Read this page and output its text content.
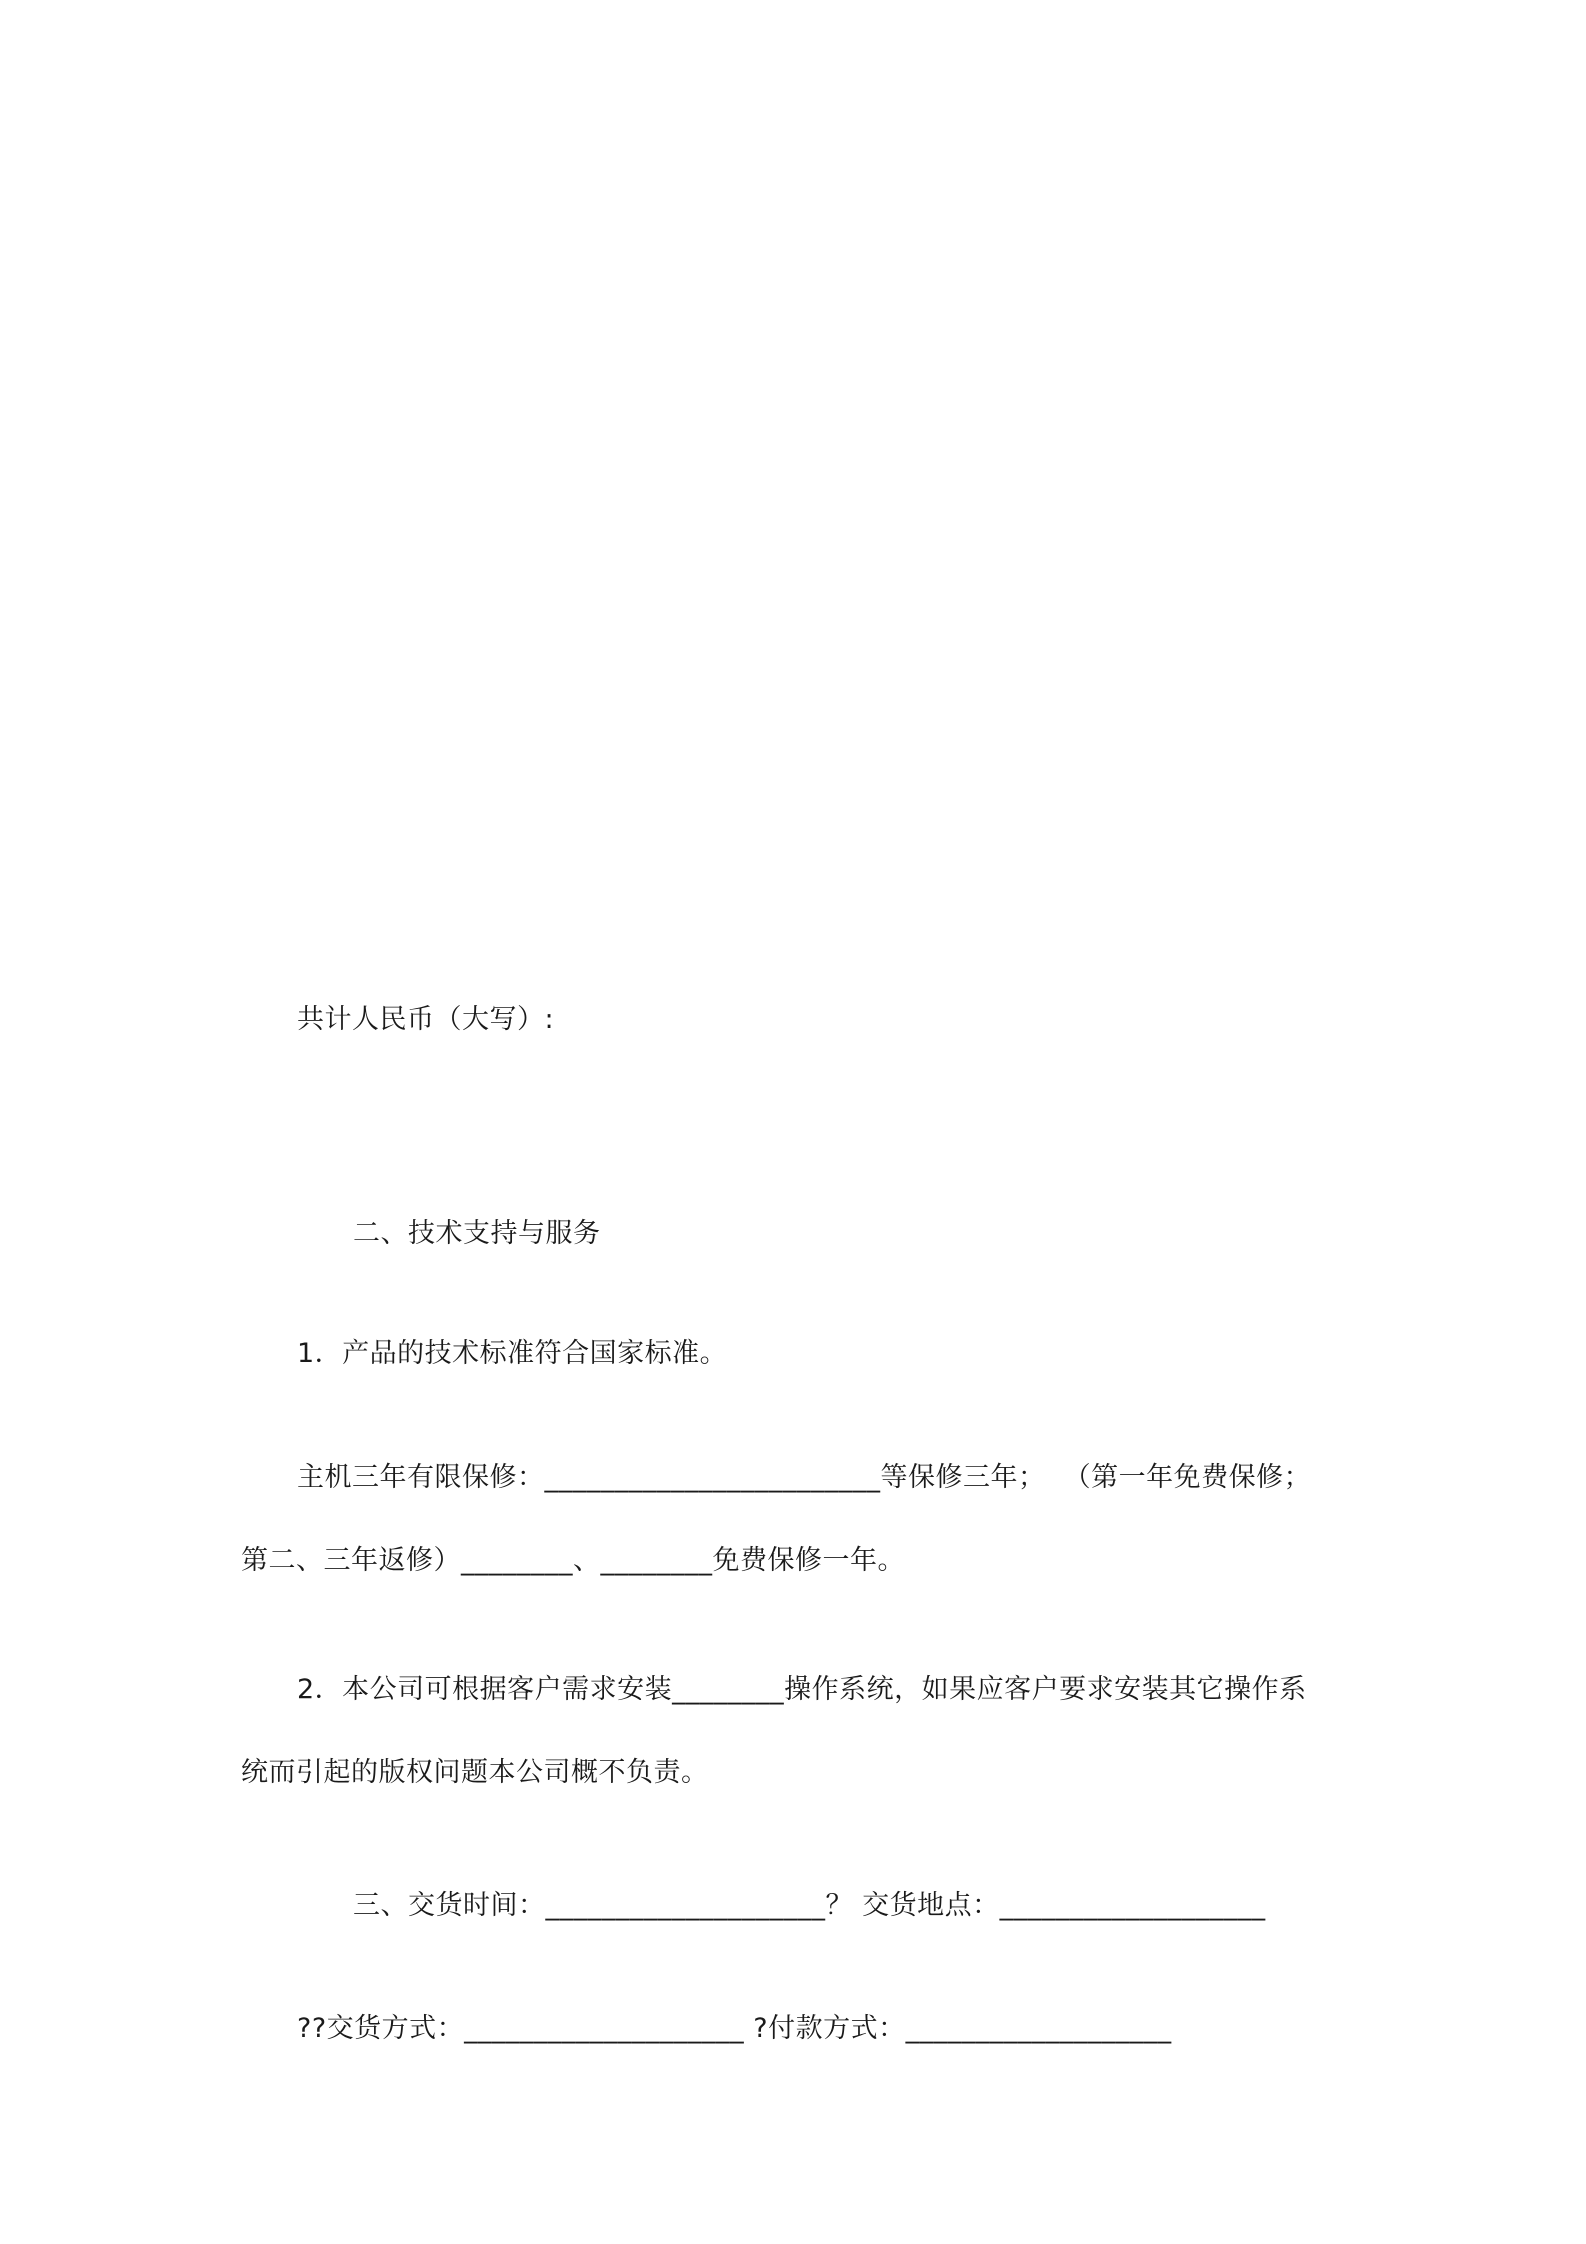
共计人民币（大写）:
二、技术支持与服务
1．产品的技术标准符合国家标准。
主机三年有限保修：________________________等保修三年；  （第一年免费保修；
第二、三年返修）________、________免费保修一年。
2．本公司可根据客户需求安装________操作系统，如果应客户要求安装其它操作系
统而引起的版权问题本公司概不负责。
三、交货时间：____________________？ 交货地点：___________________
??交货方式：____________________ ?付款方式：___________________
